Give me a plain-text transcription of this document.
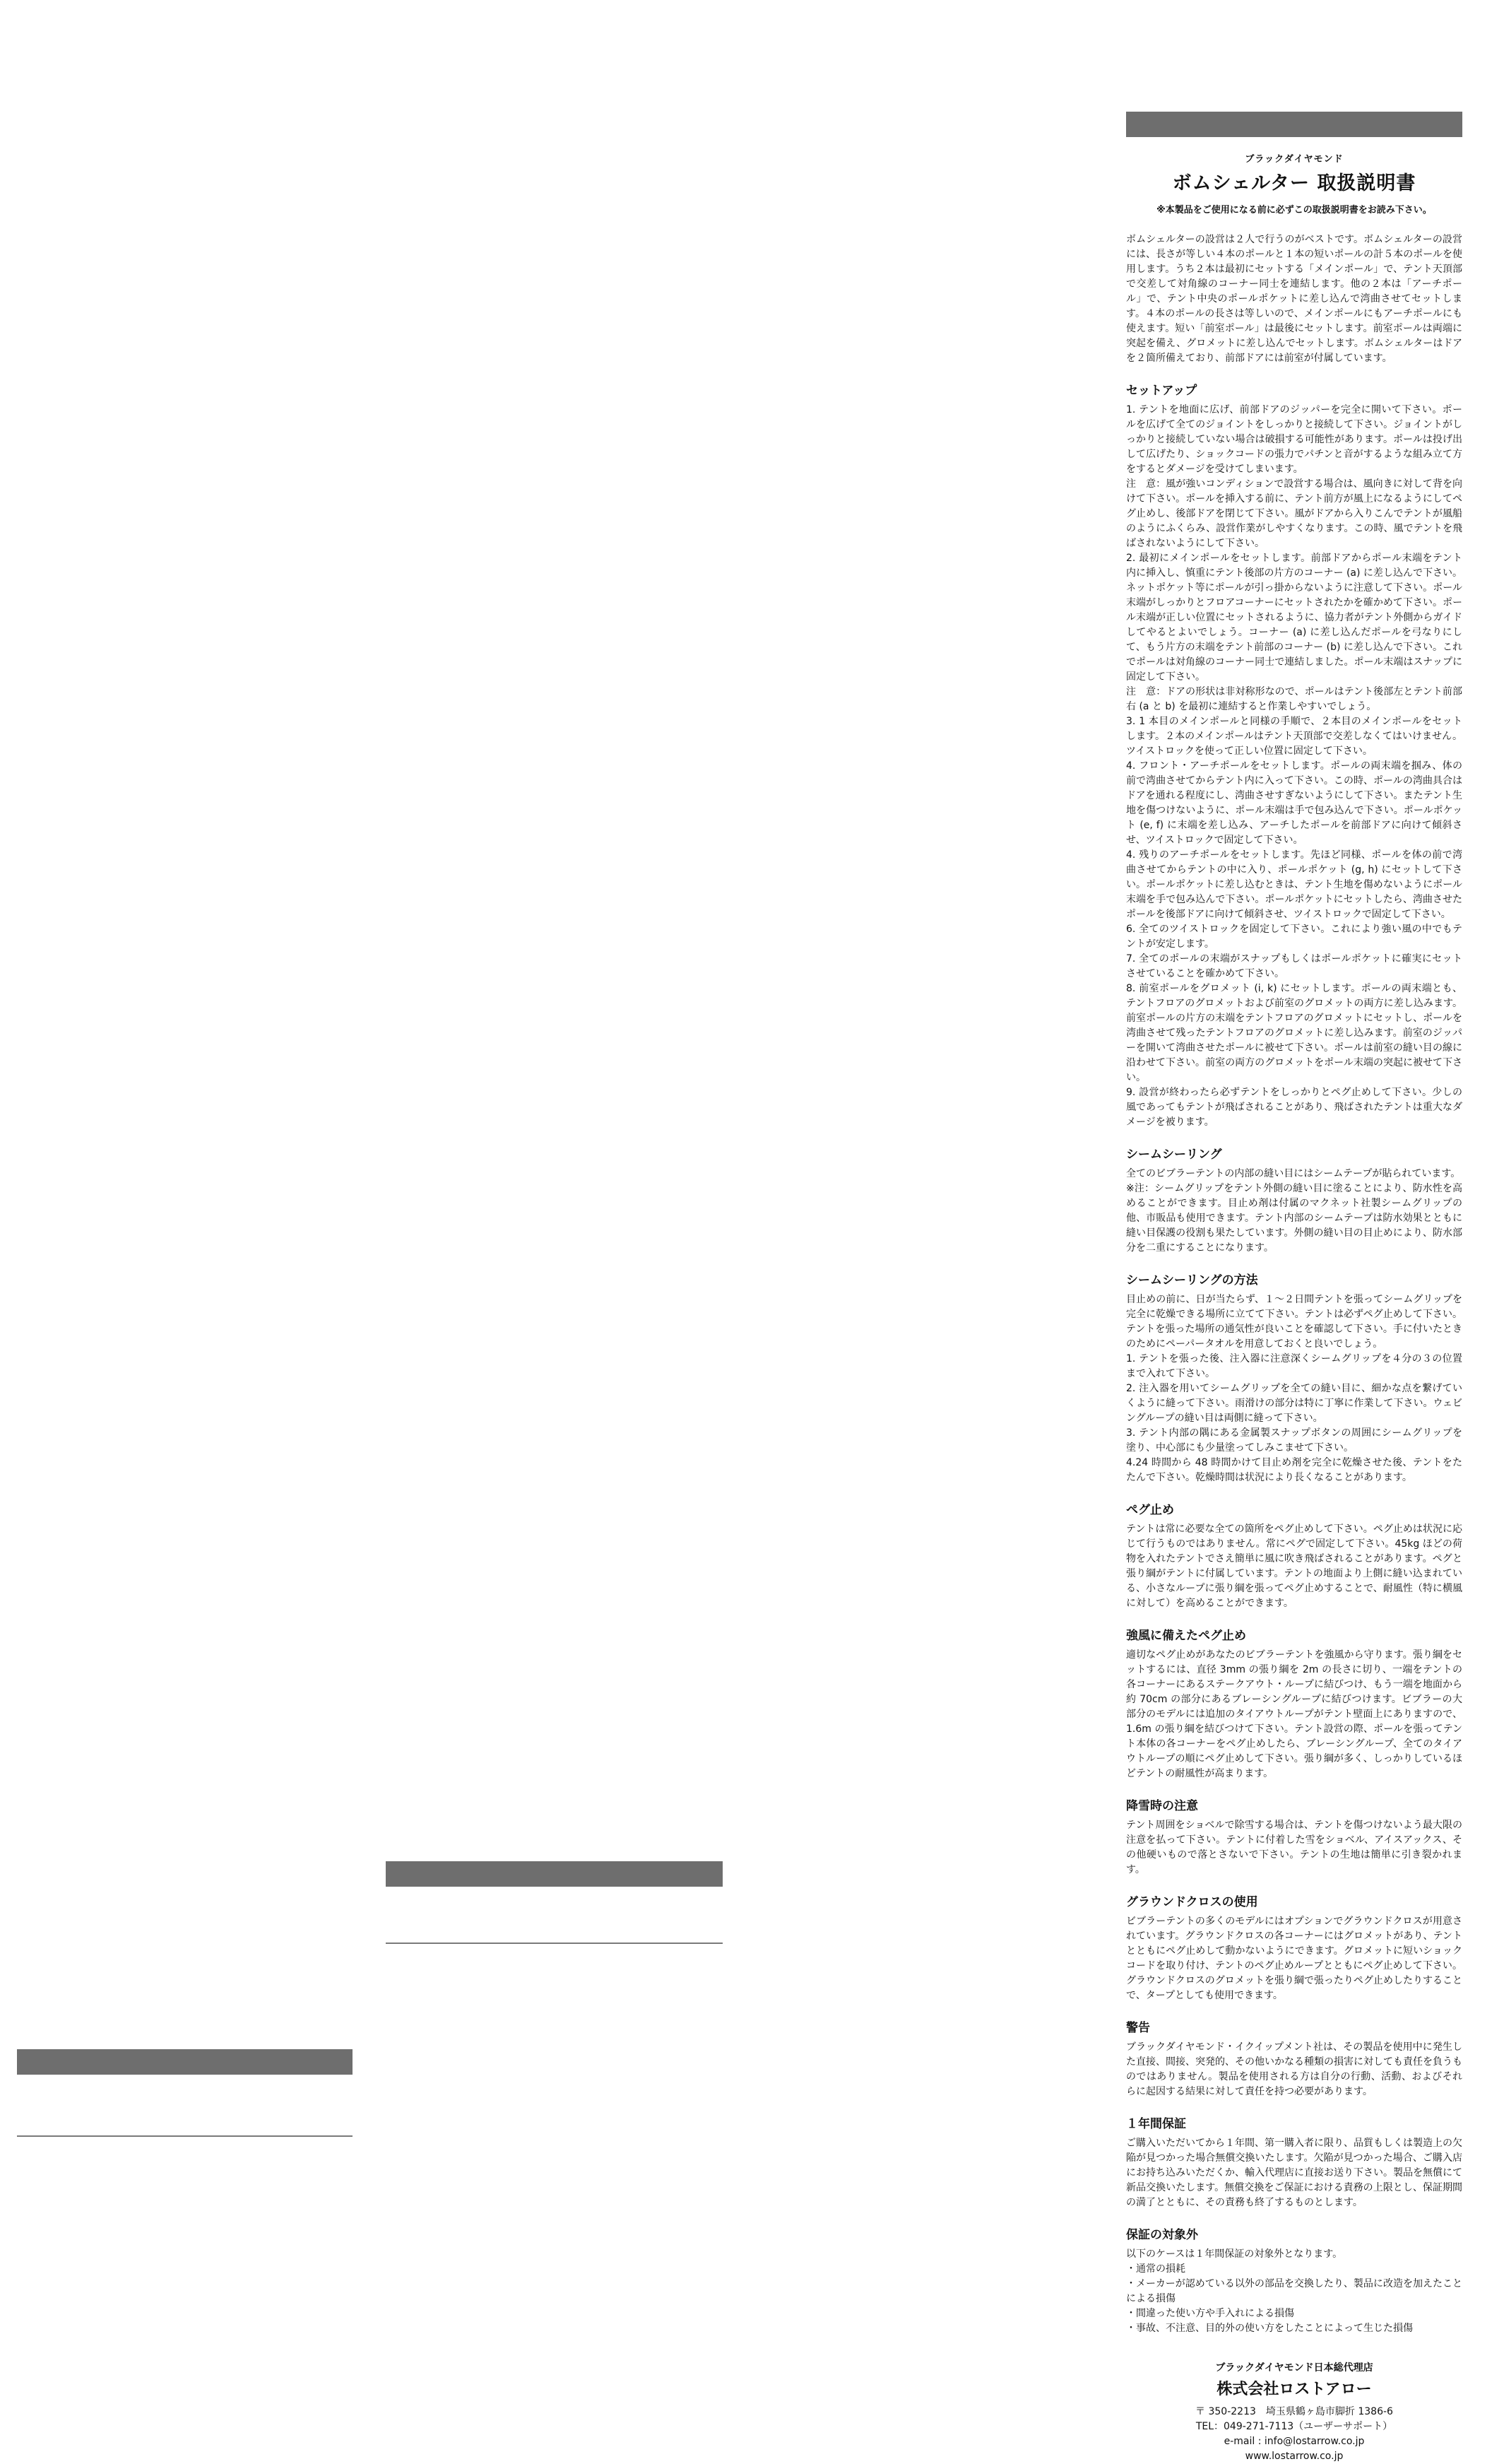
ブラックダイヤモンド
ボムシェルター 取扱説明書
※本製品をご使用になる前に必ずこの取扱説明書をお読み下さい。

ボムシェルターの設営は２人で行うのがベストです。ボムシェルターの設営には、長さが等しい４本のポールと１本の短いポールの計５本のポールを使用します。うち２本は最初にセットする「メインポール」で、テント天頂部で交差して対角線のコーナー同士を連結します。他の２本は「アーチポール」で、テント中央のポールポケットに差し込んで湾曲させてセットします。４本のポールの長さは等しいので、メインポールにもアーチポールにも使えます。短い「前室ポール」は最後にセットします。前室ポールは両端に突起を備え、グロメットに差し込んでセットします。ボムシェルターはドアを２箇所備えており、前部ドアには前室が付属しています。

セットアップ

1. テントを地面に広げ、前部ドアのジッパーを完全に開いて下さい。ポールを広げて全てのジョイントをしっかりと接続して下さい。ジョイントがしっかりと接続していない場合は破損する可能性があります。ポールは投げ出して広げたり、ショックコードの張力でパチンと音がするような組み立て方をするとダメージを受けてしまいます。

注　意：風が強いコンディションで設営する場合は、風向きに対して背を向けて下さい。ポールを挿入する前に、テント前方が風上になるようにしてペグ止めし、後部ドアを閉じて下さい。風がドアから入りこんでテントが風船のようにふくらみ、設営作業がしやすくなります。この時、風でテントを飛ばされないようにして下さい。

2. 最初にメインポールをセットします。前部ドアからポール末端をテント内に挿入し、慎重にテント後部の片方のコーナー (a) に差し込んで下さい。ネットポケット等にポールが引っ掛からないように注意して下さい。ポール末端がしっかりとフロアコーナーにセットされたかを確かめて下さい。ポール末端が正しい位置にセットされるように、協力者がテント外側からガイドしてやるとよいでしょう。コーナー (a) に差し込んだポールを弓なりにして、もう片方の末端をテント前部のコーナー (b) に差し込んで下さい。これでポールは対角線のコーナー同士で連結しました。ポール末端はスナップに固定して下さい。

注　意：ドアの形状は非対称形なので、ポールはテント後部左とテント前部右 (a と b) を最初に連結すると作業しやすいでしょう。

3. 1 本目のメインポールと同様の手順で、２本目のメインポールをセットします。２本のメインポールはテント天頂部で交差しなくてはいけません。ツイストロックを使って正しい位置に固定して下さい。

4. フロント・アーチポールをセットします。ポールの両末端を掴み、体の前で湾曲させてからテント内に入って下さい。この時、ポールの湾曲具合はドアを通れる程度にし、湾曲させすぎないようにして下さい。またテント生地を傷つけないように、ポール末端は手で包み込んで下さい。ポールポケット (e, f) に末端を差し込み、アーチしたポールを前部ドアに向けて傾斜させ、ツイストロックで固定して下さい。

4. 残りのアーチポールをセットします。先ほど同様、ポールを体の前で湾曲させてからテントの中に入り、ポールポケット (g, h) にセットして下さい。ポールポケットに差し込むときは、テント生地を傷めないようにポール末端を手で包み込んで下さい。ポールポケットにセットしたら、湾曲させたポールを後部ドアに向けて傾斜させ、ツイストロックで固定して下さい。

6. 全てのツイストロックを固定して下さい。これにより強い風の中でもテントが安定します。

7. 全てのポールの末端がスナップもしくはポールポケットに確実にセットさせていることを確かめて下さい。

8. 前室ポールをグロメット (i, k) にセットします。ポールの両末端とも、テントフロアのグロメットおよび前室のグロメットの両方に差し込みます。前室ポールの片方の末端をテントフロアのグロメットにセットし、ポールを湾曲させて残ったテントフロアのグロメットに差し込みます。前室のジッパーを開いて湾曲させたポールに被せて下さい。ポールは前室の縫い目の線に沿わせて下さい。前室の両方のグロメットをポール末端の突起に被せて下さい。

9. 設営が終わったら必ずテントをしっかりとペグ止めして下さい。少しの風であってもテントが飛ばされることがあり、飛ばされたテントは重大なダメージを被ります。

シームシーリング

全てのビブラーテントの内部の縫い目にはシームテープが貼られています。

※注：シームグリップをテント外側の縫い目に塗ることにより、防水性を高めることができます。目止め剤は付属のマクネット社製シームグリップの他、市販品も使用できます。テント内部のシームテープは防水効果とともに縫い目保護の役割も果たしています。外側の縫い目の目止めにより、防水部分を二重にすることになります。

シームシーリングの方法

目止めの前に、日が当たらず、１～２日間テントを張ってシームグリップを完全に乾燥できる場所に立てて下さい。テントは必ずペグ止めして下さい。テントを張った場所の通気性が良いことを確認して下さい。手に付いたときのためにペーパータオルを用意しておくと良いでしょう。

1. テントを張った後、注入器に注意深くシームグリップを４分の３の位置まで入れて下さい。

2. 注入器を用いてシームグリップを全ての縫い目に、細かな点を繋げていくように縫って下さい。雨滑けの部分は特に丁寧に作業して下さい。ウェビングループの縫い目は両側に縫って下さい。

3. テント内部の隅にある金属製スナップボタンの周囲にシームグリップを塗り、中心部にも少量塗ってしみこませて下さい。

4.24 時間から 48 時間かけて目止め剤を完全に乾燥させた後、テントをたたんで下さい。乾燥時間は状況により長くなることがあります。

ペグ止め

テントは常に必要な全ての箇所をペグ止めして下さい。ペグ止めは状況に応じて行うものではありません。常にペグで固定して下さい。45kg ほどの荷物を入れたテントでさえ簡単に風に吹き飛ばされることがあります。ペグと張り綱がテントに付属しています。テントの地面より上側に縫い込まれている、小さなループに張り綱を張ってペグ止めすることで、耐風性（特に横風に対して）を高めることができます。

強風に備えたペグ止め

適切なペグ止めがあなたのビブラーテントを強風から守ります。張り綱をセットするには、直径 3mm の張り綱を 2m の長さに切り、一端をテントの各コーナーにあるステークアウト・ループに結びつけ、もう一端を地面から約 70cm の部分にあるブレーシングループに結びつけます。ビブラーの大部分のモデルには追加のタイアウトループがテント壁面上にありますので、1.6m の張り綱を結びつけて下さい。テント設営の際、ポールを張ってテント本体の各コーナーをペグ止めしたら、ブレーシングループ、全てのタイアウトループの順にペグ止めして下さい。張り綱が多く、しっかりしているほどテントの耐風性が高まります。

降雪時の注意

テント周囲をショベルで除雪する場合は、テントを傷つけないよう最大限の注意を払って下さい。テントに付着した雪をショベル、アイスアックス、その他硬いもので落とさないで下さい。テントの生地は簡単に引き裂かれます。

グラウンドクロスの使用

ビブラーテントの多くのモデルにはオプションでグラウンドクロスが用意されています。グラウンドクロスの各コーナーにはグロメットがあり、テントとともにペグ止めして動かないようにできます。グロメットに短いショックコードを取り付け、テントのペグ止めループとともにペグ止めして下さい。グラウンドクロスのグロメットを張り綱で張ったりペグ止めしたりすることで、タープとしても使用できます。

警告

ブラックダイヤモンド・イクイップメント社は、その製品を使用中に発生した直接、間接、突発的、その他いかなる種類の損害に対しても責任を負うものではありません。製品を使用される方は自分の行動、活動、およびそれらに起因する結果に対して責任を持つ必要があります。

１年間保証

ご購入いただいてから１年間、第一購入者に限り、品質もしくは製造上の欠陥が見つかった場合無償交換いたします。欠陥が見つかった場合、ご購入店にお持ち込みいただくか、輸入代理店に直接お送り下さい。製品を無償にて新品交換いたします。無償交換をご保証における責務の上限とし、保証期間の満了とともに、その責務も終了するものとします。

保証の対象外

以下のケースは１年間保証の対象外となります。

・通常の損耗

・メーカーが認めている以外の部品を交換したり、製品に改造を加えたことによる損傷

・間違った使い方や手入れによる損傷

・事故、不注意、目的外の使い方をしたことによって生じた損傷

ブラックダイヤモンド日本総代理店
株式会社ロストアロー
〒 350-2213　埼玉県鶴ヶ島市脚折 1386-6
TEL：049-271-7113（ユーザーサポート）
e-mail : info@lostarrow.co.jp
www.lostarrow.co.jp
